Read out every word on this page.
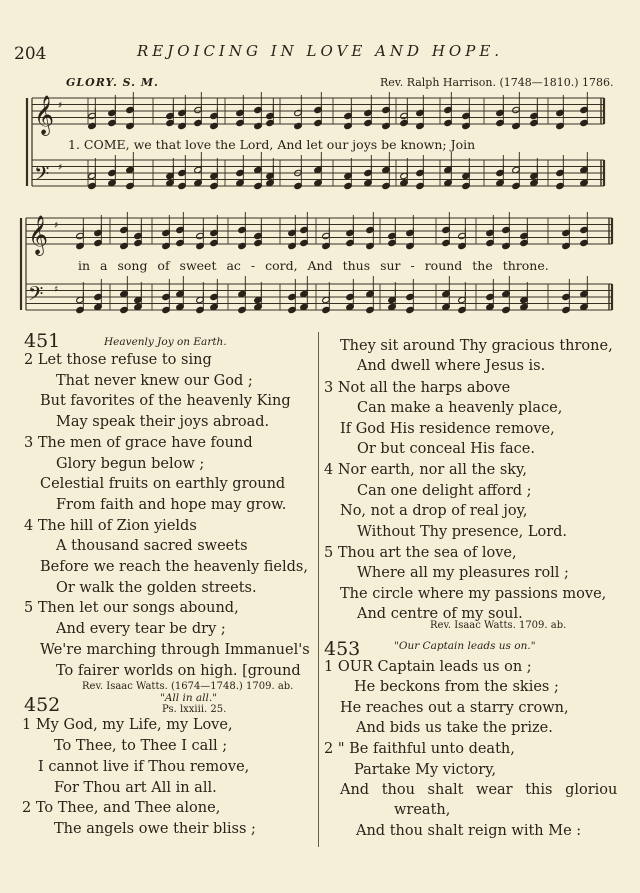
204	REJOICING IN LOVE AND HOPE.
GLORY. S. M.	Rev. Ralph Harrison. (1748—1810.) 1786.
𝄞
𝄢
𝄞
𝄢
♯
♯
♯
♯
1. COME, we that love the Lord, And let our joys be known; Join
in a song of sweet ac - cord, And thus sur - round the throne.
451	Heavenly Joy on Earth.
2 Let those refuse to sing
That never knew our God ;
But favorites of the heavenly King
May speak their joys abroad.
3 The men of grace have found
Glory begun below ;
Celestial fruits on earthly ground
From faith and hope may grow.
4 The hill of Zion yields
A thousand sacred sweets
Before we reach the heavenly fields,
Or walk the golden streets.
5 Then let our songs abound,
And every tear be dry ;
We're marching through Immanuel's
To fairer worlds on high. [ground
Rev. Isaac Watts. (1674—1748.) 1709. ab.
452	"All in all."
Ps. lxxiii. 25.
1 My God, my Life, my Love,
To Thee, to Thee I call ;
I cannot live if Thou remove,
For Thou art All in all.
2 To Thee, and Thee alone,
The angels owe their bliss ;
They sit around Thy gracious throne,
And dwell where Jesus is.
3 Not all the harps above
Can make a heavenly place,
If God His residence remove,
Or but conceal His face.
4 Nor earth, nor all the sky,
Can one delight afford ;
No, not a drop of real joy,
Without Thy presence, Lord.
5 Thou art the sea of love,
Where all my pleasures roll ;
The circle where my passions move,
And centre of my soul.
Rev. Isaac Watts. 1709. ab.
453	"Our Captain leads us on."
1 OUR Captain leads us on ;
He beckons from the skies ;
He reaches out a starry crown,
And bids us take the prize.
2 " Be faithful unto death,
Partake My victory,
And thou shalt wear this gloriou
wreath,
And thou shalt reign with Me :
